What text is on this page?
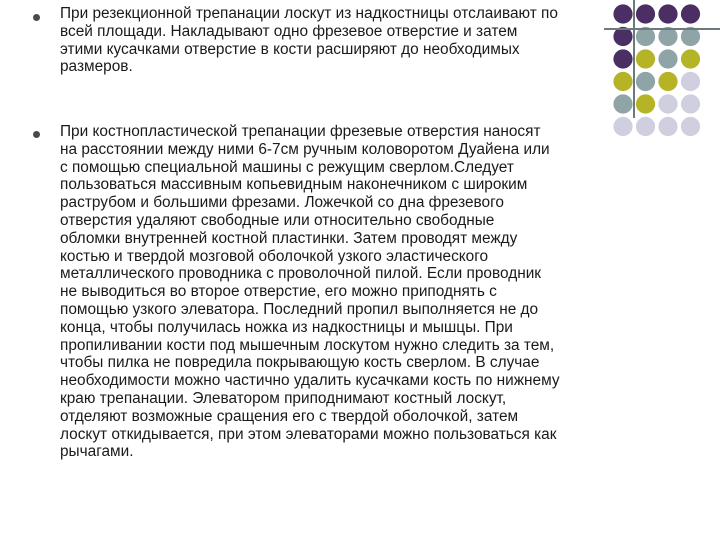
При резекционной трепанации лоскут из надкостницы отслаивают по
всей площади. Накладывают одно фрезевое отверстие и затем
этими кусачками отверстие в кости расширяют до необходимых
размеров.

При костнопластической трепанации фрезевые отверстия наносят
на расстоянии между ними 6-7см ручным коловоротом Дуайена или
с помощью специальной машины с режущим сверлом.Следует
пользоваться массивным копьевидным наконечником с широким
раструбом и большими фрезами. Ложечкой со дна фрезевого
отверстия удаляют свободные или относительно свободные
обломки внутренней костной пластинки. Затем проводят между
костью и твердой мозговой оболочкой узкого эластического
металлического проводника с проволочной пилой. Если проводник
не выводиться во второе отверстие, его можно приподнять с
помощью узкого элеватора. Последний пропил выполняется не до
конца, чтобы получилась ножка из надкостницы и мышцы. При
пропиливании кости под мышечным лоскутом нужно следить за тем,
чтобы пилка не повредила покрывающую кость сверлом. В случае
необходимости можно частично удалить кусачками кость по нижнему
краю трепанации. Элеватором приподнимают костный лоскут,
отделяют возможные сращения его с твердой оболочкой, затем
лоскут откидывается, при этом элеваторами можно пользоваться как
рычагами.
